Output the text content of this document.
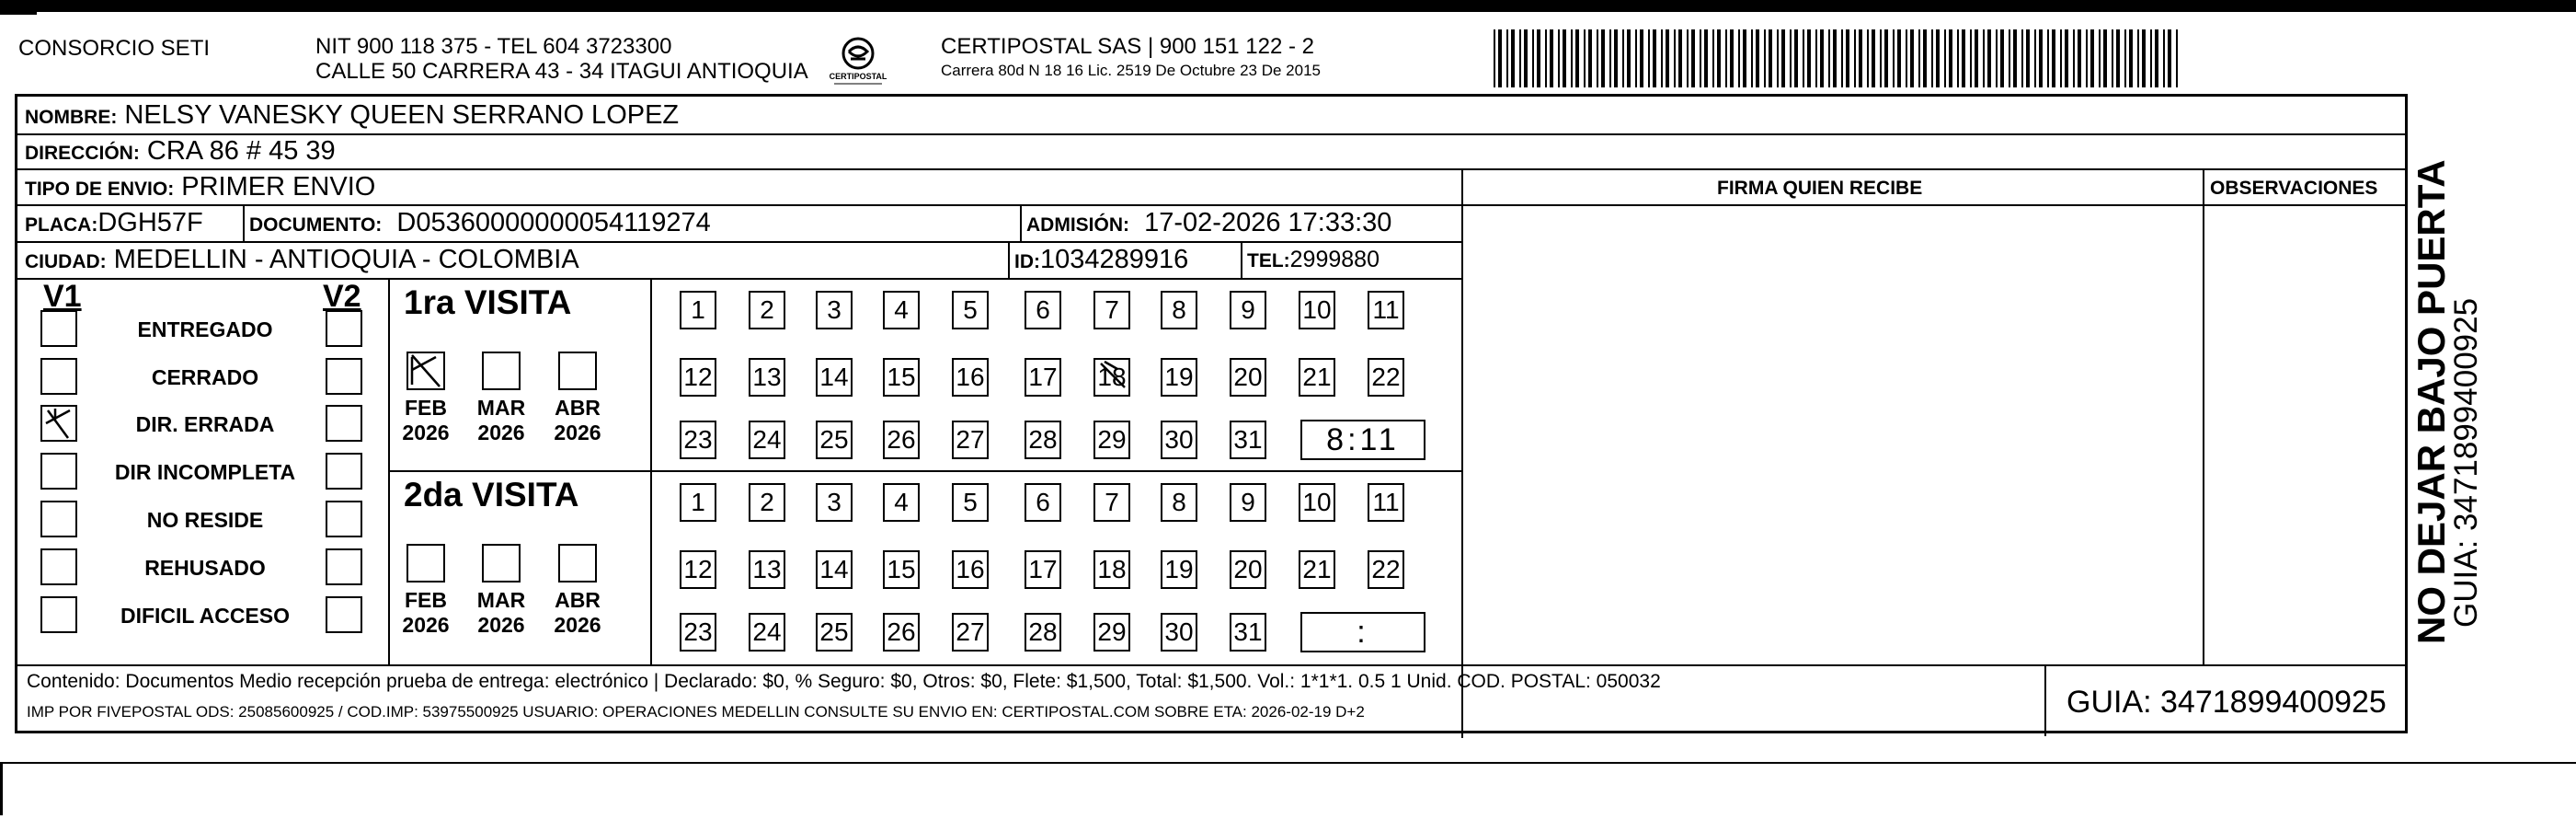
CONSORCIO SETI	NIT 900 118 375 - TEL 604 3723300
CALLE 50 CARRERA 43 - 34 ITAGUI ANTIOQUIA	CERTIPOSTAL
CERTIPOSTAL SAS | 900 151 122 - 2
Carrera 80d N 18 16 Lic. 2519 De Octubre 23 De 2015
NOMBRE: NELSY VANESKY QUEEN SERRANO LOPEZ
DIRECCIÓN: CRA 86 # 45 39
TIPO DE ENVIO: PRIMER ENVIO	FIRMA QUIEN RECIBE	OBSERVACIONES
PLACA:DGH57F DOCUMENTO: D05360000000054119274	ADMISIÓN: 17-02-2026 17:33:30
CIUDAD: MEDELLIN - ANTIOQUIA - COLOMBIA	ID:1034289916	TEL:2999880
V1	V2
ENTREGADO
CERRADO
DIR. ERRADA
DIR INCOMPLETA
NO RESIDE
REHUSADO
DIFICIL ACCESO
1ra VISITA
FEB
2026
MAR
2026
ABR
2026
1	2	3	4	5	6	7	8	9	10 11
12 13 14 15 16 17 18 19 20 21 22
23 24 25 26 27 28 29 30 31	8:11
2da VISITA
FEB
2026
MAR
2026
ABR
2026
1	2	3	4	5	6	7	8	9	10 11
12 13 14 15 16 17 18 19 20 21 22
23 24 25 26 27 28 29 30 31	:
Contenido: Documentos Medio recepción prueba de entrega: electrónico | Declarado: $0, % Seguro: $0, Otros: $0, Flete: $1,500, Total: $1,500. Vol.: 1*1*1. 0.5 1 Unid. COD. POSTAL: 050032
IMP POR FIVEPOSTAL ODS: 25085600925 / COD.IMP: 53975500925 USUARIO: OPERACIONES MEDELLIN CONSULTE SU ENVIO EN: CERTIPOSTAL.COM SOBRE ETA: 2026-02-19 D+2	GUIA: 3471899400925
NO DEJAR BAJO PUERTA
GUIA: 3471899400925
